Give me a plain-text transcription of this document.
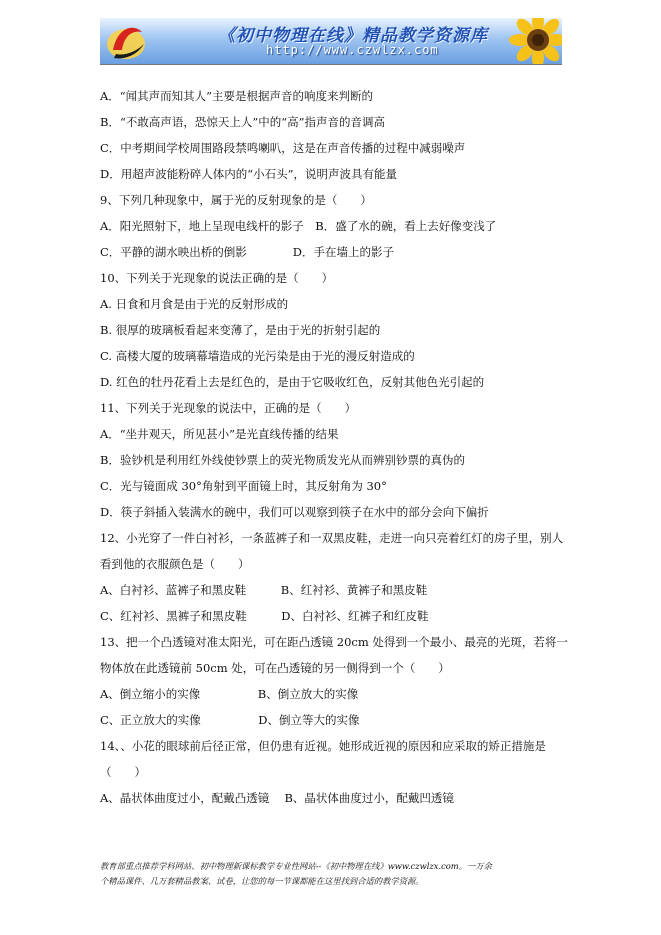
《初中物理在线》精品教学资源库
http://www.czwlzx.com
A．“闻其声而知其人”主要是根据声音的响度来判断的
B．“不敢高声语，恐惊天上人”中的“高”指声音的音调高
C．中考期间学校周围路段禁鸣喇叭，这是在声音传播的过程中减弱噪声
D．用超声波能粉碎人体内的“小石头”，说明声波具有能量
9、下列几种现象中，属于光的反射现象的是（　　）
A．阳光照射下，地上呈现电线杆的影子　B．盛了水的碗，看上去好像变浅了
C．平静的湖水映出桥的倒影　　　　D．手在墙上的影子
10、下列关于光现象的说法正确的是（　　）
A. 日食和月食是由于光的反射形成的
B. 很厚的玻璃板看起来变薄了，是由于光的折射引起的
C. 高楼大厦的玻璃幕墙造成的光污染是由于光的漫反射造成的
D. 红色的牡丹花看上去是红色的，是由于它吸收红色，反射其他色光引起的
11、下列关于光现象的说法中，正确的是（　　）
A．“坐井观天，所见甚小”是光直线传播的结果
B．验钞机是利用红外线使钞票上的荧光物质发光从而辨别钞票的真伪的
C．光与镜面成 30°角射到平面镜上时，其反射角为 30°
D．筷子斜插入装满水的碗中，我们可以观察到筷子在水中的部分会向下偏折
12、小光穿了一件白衬衫，一条蓝裤子和一双黑皮鞋，走进一向只亮着红灯的房子里，别人
看到他的衣服颜色是（　　）
A、白衬衫、蓝裤子和黑皮鞋　　　B、红衬衫、黄裤子和黑皮鞋
C、红衬衫、黑裤子和黑皮鞋　　　D、白衬衫、红裤子和红皮鞋
13、把一个凸透镜对准太阳光，可在距凸透镜 20cm 处得到一个最小、最亮的光斑，若将一
物体放在此透镜前 50cm 处，可在凸透镜的另一侧得到一个（　　）
A、倒立缩小的实像　　　　　B、倒立放大的实像
C、正立放大的实像　　　　　D、倒立等大的实像
14、、小花的眼球前后径正常，但仍患有近视。她形成近视的原因和应采取的矫正措施是
（　　）
A、晶状体曲度过小，配戴凸透镜　 B、晶状体曲度过小，配戴凹透镜
教育部重点推荐学科网站、初中物理新课标教学专业性网站--《初中物理在线》www.czwlzx.com。一万余
个精品课件、几万套精品教案、试卷，让您的每一节课都能在这里找到合适的教学资源。
